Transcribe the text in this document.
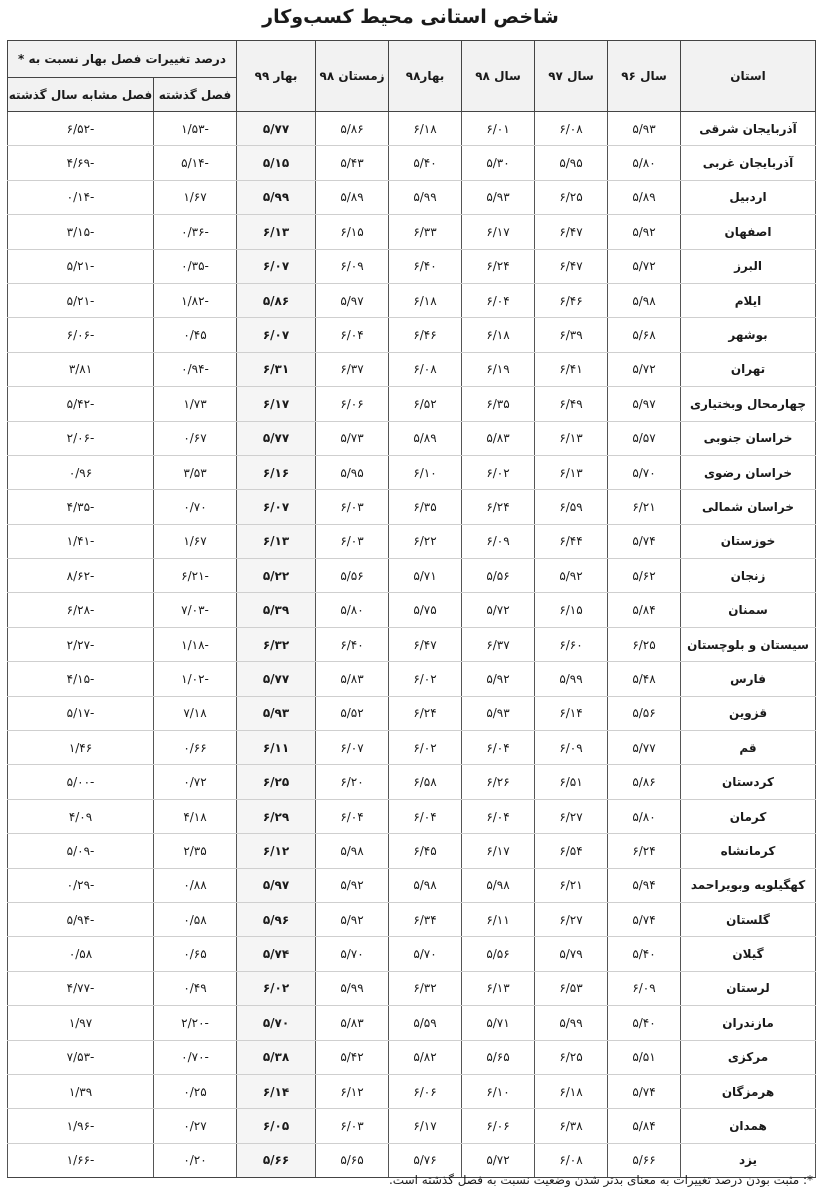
شاخص استانی محیط کسب‌وکار
استان	سال ۹۶	سال ۹۷	سال ۹۸	بهار۹۸	زمستان ۹۸	بهار ۹۹	درصد تغییرات فصل بهار نسبت به *	
							فصل گذشته	فصل مشابه سال گذشته
آذربایجان شرقی	۵/۹۳	۶/۰۸	۶/۰۱	۶/۱۸	۵/۸۶	۵/۷۷	-۱/۵۳	-۶/۵۲
آذربایجان غربی	۵/۸۰	۵/۹۵	۵/۳۰	۵/۴۰	۵/۴۳	۵/۱۵	-۵/۱۴	-۴/۶۹
اردبیل	۵/۸۹	۶/۲۵	۵/۹۳	۵/۹۹	۵/۸۹	۵/۹۹	۱/۶۷	-۰/۱۴
اصفهان	۵/۹۲	۶/۴۷	۶/۱۷	۶/۳۳	۶/۱۵	۶/۱۳	-۰/۳۶	-۳/۱۵
البرز	۵/۷۲	۶/۴۷	۶/۲۴	۶/۴۰	۶/۰۹	۶/۰۷	-۰/۳۵	-۵/۲۱
ایلام	۵/۹۸	۶/۴۶	۶/۰۴	۶/۱۸	۵/۹۷	۵/۸۶	-۱/۸۲	-۵/۲۱
بوشهر	۵/۶۸	۶/۳۹	۶/۱۸	۶/۴۶	۶/۰۴	۶/۰۷	۰/۴۵	-۶/۰۶
تهران	۵/۷۲	۶/۴۱	۶/۱۹	۶/۰۸	۶/۳۷	۶/۳۱	-۰/۹۴	۳/۸۱
چهارمحال وبختیاری	۵/۹۷	۶/۴۹	۶/۳۵	۶/۵۲	۶/۰۶	۶/۱۷	۱/۷۳	-۵/۴۲
خراسان جنوبی	۵/۵۷	۶/۱۳	۵/۸۳	۵/۸۹	۵/۷۳	۵/۷۷	۰/۶۷	-۲/۰۶
خراسان رضوی	۵/۷۰	۶/۱۳	۶/۰۲	۶/۱۰	۵/۹۵	۶/۱۶	۳/۵۳	۰/۹۶
خراسان شمالی	۶/۲۱	۶/۵۹	۶/۲۴	۶/۳۵	۶/۰۳	۶/۰۷	۰/۷۰	-۴/۳۵
خوزستان	۵/۷۴	۶/۴۴	۶/۰۹	۶/۲۲	۶/۰۳	۶/۱۳	۱/۶۷	-۱/۴۱
زنجان	۵/۶۲	۵/۹۲	۵/۵۶	۵/۷۱	۵/۵۶	۵/۲۲	-۶/۲۱	-۸/۶۲
سمنان	۵/۸۴	۶/۱۵	۵/۷۲	۵/۷۵	۵/۸۰	۵/۳۹	-۷/۰۳	-۶/۲۸
سیستان و بلوچستان	۶/۲۵	۶/۶۰	۶/۳۷	۶/۴۷	۶/۴۰	۶/۳۲	-۱/۱۸	-۲/۲۷
فارس	۵/۴۸	۵/۹۹	۵/۹۲	۶/۰۲	۵/۸۳	۵/۷۷	-۱/۰۲	-۴/۱۵
قزوین	۵/۵۶	۶/۱۴	۵/۹۳	۶/۲۴	۵/۵۲	۵/۹۳	۷/۱۸	-۵/۱۷
قم	۵/۷۷	۶/۰۹	۶/۰۴	۶/۰۲	۶/۰۷	۶/۱۱	۰/۶۶	۱/۴۶
کردستان	۵/۸۶	۶/۵۱	۶/۲۶	۶/۵۸	۶/۲۰	۶/۲۵	۰/۷۲	-۵/۰۰
کرمان	۵/۸۰	۶/۲۷	۶/۰۴	۶/۰۴	۶/۰۴	۶/۲۹	۴/۱۸	۴/۰۹
کرمانشاه	۶/۲۴	۶/۵۴	۶/۱۷	۶/۴۵	۵/۹۸	۶/۱۲	۲/۳۵	-۵/۰۹
کهگیلویه وبویراحمد	۵/۹۴	۶/۲۱	۵/۹۸	۵/۹۸	۵/۹۲	۵/۹۷	۰/۸۸	-۰/۲۹
گلستان	۵/۷۴	۶/۲۷	۶/۱۱	۶/۳۴	۵/۹۲	۵/۹۶	۰/۵۸	-۵/۹۴
گیلان	۵/۴۰	۵/۷۹	۵/۵۶	۵/۷۰	۵/۷۰	۵/۷۴	۰/۶۵	۰/۵۸
لرستان	۶/۰۹	۶/۵۳	۶/۱۳	۶/۳۲	۵/۹۹	۶/۰۲	۰/۴۹	-۴/۷۷
مازندران	۵/۴۰	۵/۹۹	۵/۷۱	۵/۵۹	۵/۸۳	۵/۷۰	-۲/۲۰	۱/۹۷
مرکزی	۵/۵۱	۶/۲۵	۵/۶۵	۵/۸۲	۵/۴۲	۵/۳۸	-۰/۷۰	-۷/۵۳
هرمزگان	۵/۷۴	۶/۱۸	۶/۱۰	۶/۰۶	۶/۱۲	۶/۱۴	۰/۲۵	۱/۳۹
همدان	۵/۸۴	۶/۳۸	۶/۰۶	۶/۱۷	۶/۰۳	۶/۰۵	۰/۲۷	-۱/۹۶
یزد	۵/۶۶	۶/۰۸	۵/۷۲	۵/۷۶	۵/۶۵	۵/۶۶	۰/۲۰	-۱/۶۶
*: مثبت بودن درصد تغییرات به معنای بدتر شدن وضعیت نسبت به فصل گذشته است.
